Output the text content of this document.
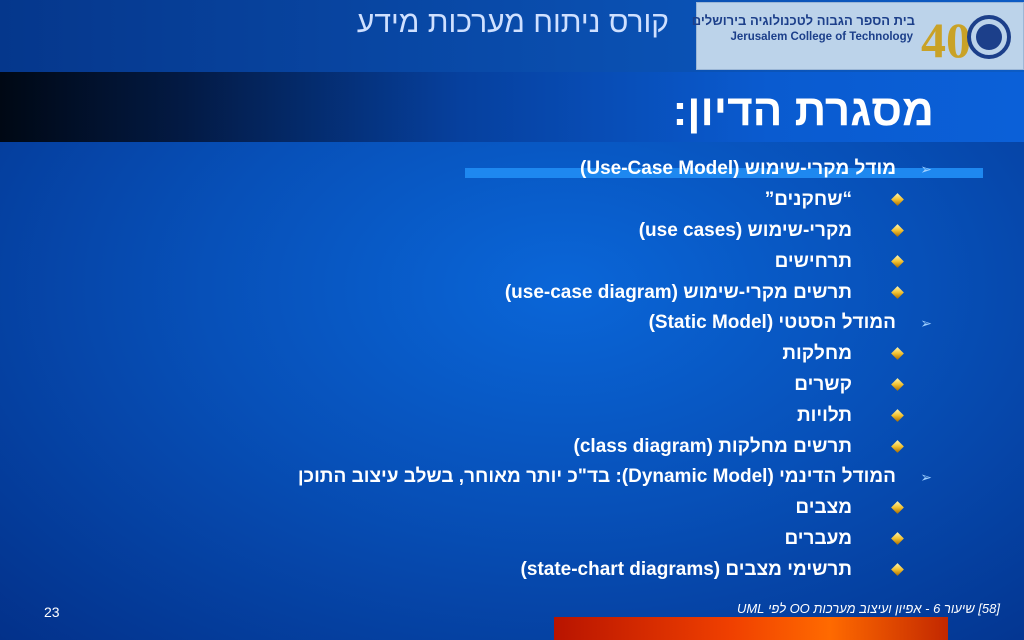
קורס ניתוח מערכות מידע בית הספר הגבוה לטכנולוגיה בירושלים
Jerusalem College of Technology 40
מסגרת הדיון:
➢
מודל מקרי-שימוש (Use-Case Model)
“שחקנים”
מקרי-שימוש (use cases)
תרחישים
תרשים מקרי-שימוש (use-case diagram)
➢
המודל הסטטי (Static Model)
מחלקות
קשרים
תלויות
תרשים מחלקות (class diagram)
➢
המודל הדינמי (Dynamic Model): בד"כ יותר מאוחר, בשלב עיצוב התוכן
מצבים
מעברים
תרשימי מצבים (state-chart diagrams)
23	[58] שיעור 6 - אפיון ועיצוב מערכות OO לפי UML
